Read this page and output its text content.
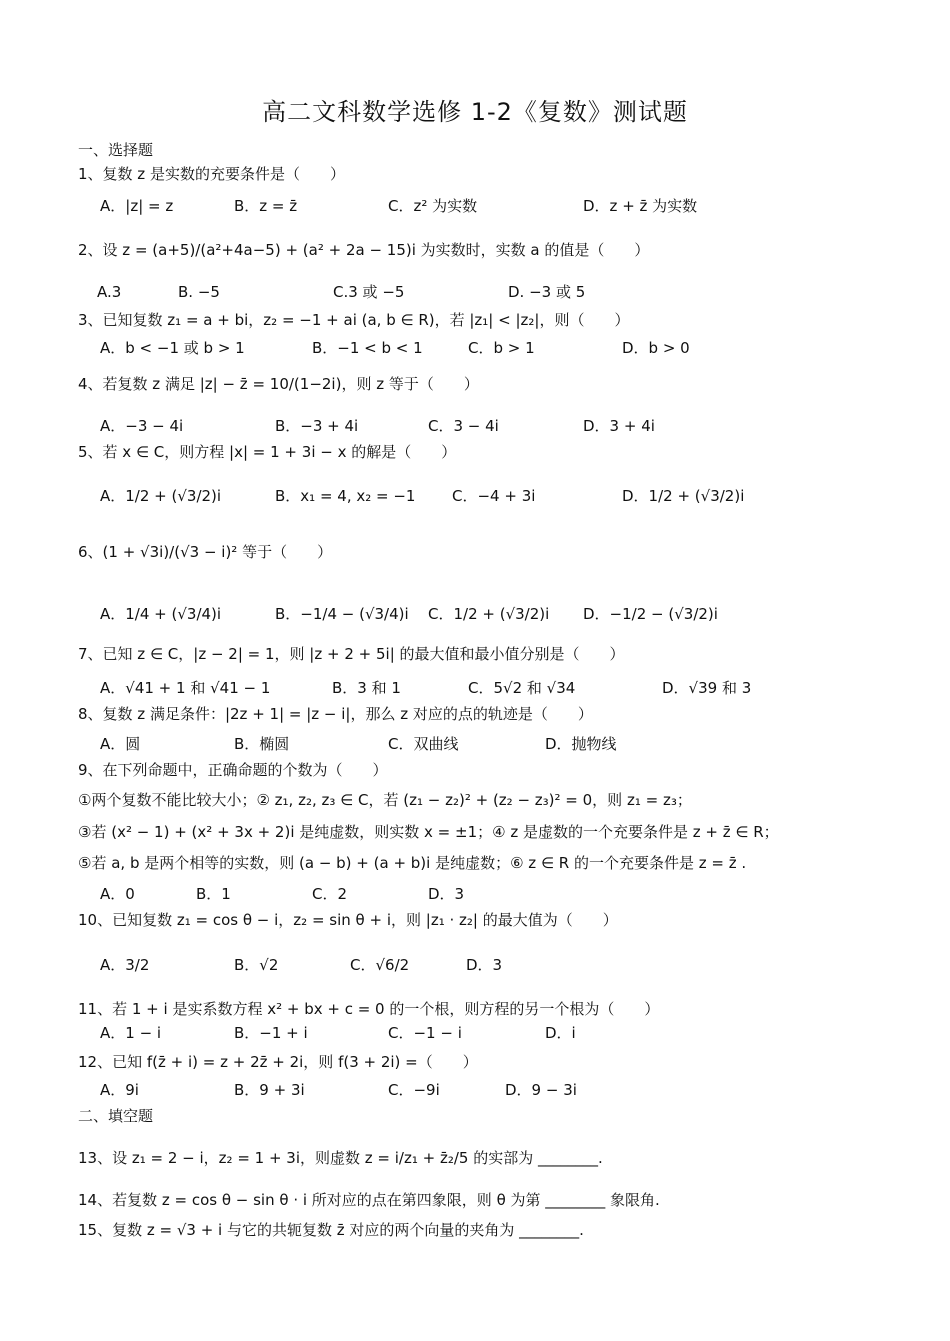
高二文科数学选修 1-2《复数》测试题
一、选择题
1、复数 z 是实数的充要条件是（　　）
A．|z| = z	B．z = z̄	C．z² 为实数	D．z + z̄ 为实数
2、设 z = (a+5)/(a²+4a−5) + (a² + 2a − 15)i 为实数时，实数 a 的值是（　　）
A.3	B. −5	C.3 或 −5	D. −3 或 5
3、已知复数 z₁ = a + bi，z₂ = −1 + ai (a, b ∈ R)，若 |z₁| < |z₂|，则（　　）
A．b < −1 或 b > 1	B．−1 < b < 1	C．b > 1	D．b > 0
4、若复数 z 满足 |z| − z̄ = 10/(1−2i)，则 z 等于（　　）
A．−3 − 4i	B．−3 + 4i	C．3 − 4i	D．3 + 4i
5、若 x ∈ C，则方程 |x| = 1 + 3i − x 的解是（　　）
A．1/2 + (√3/2)i	B．x₁ = 4, x₂ = −1 C．−4 + 3i	D．1/2 + (√3/2)i
6、(1 + √3i)/(√3 − i)² 等于（　　）
A．1/4 + (√3/4)i	B．−1/4 − (√3/4)i C．1/2 + (√3/2)i D．−1/2 − (√3/2)i
7、已知 z ∈ C，|z − 2| = 1，则 |z + 2 + 5i| 的最大值和最小值分别是（　　）
A．√41 + 1 和 √41 − 1	B．3 和 1	C．5√2 和 √34	D．√39 和 3
8、复数 z 满足条件：|2z + 1| = |z − i|，那么 z 对应的点的轨迹是（　　）
A．圆	B．椭圆	C．双曲线	D．抛物线
9、在下列命题中，正确命题的个数为（　　）
①两个复数不能比较大小；② z₁, z₂, z₃ ∈ C，若 (z₁ − z₂)² + (z₂ − z₃)² = 0，则 z₁ = z₃；
③若 (x² − 1) + (x² + 3x + 2)i 是纯虚数，则实数 x = ±1；④ z 是虚数的一个充要条件是 z + z̄ ∈ R；
⑤若 a, b 是两个相等的实数，则 (a − b) + (a + b)i 是纯虚数；⑥ z ∈ R 的一个充要条件是 z = z̄ .
A．0	B．1	C．2	D．3
10、已知复数 z₁ = cos θ − i，z₂ = sin θ + i，则 |z₁ · z₂| 的最大值为（　　）
A．3/2	B．√2	C．√6/2	D．3
11、若 1 + i 是实系数方程 x² + bx + c = 0 的一个根，则方程的另一个根为（　　）
A．1 − i	B．−1 + i	C．−1 − i	D．i
12、已知 f(z̄ + i) = z + 2z̄ + 2i，则 f(3 + 2i) =（　　）
A．9i	B．9 + 3i	C．−9i	D．9 − 3i
二、填空题
13、设 z₁ = 2 − i，z₂ = 1 + 3i，则虚数 z = i/z₁ + z̄₂/5 的实部为 ________.
14、若复数 z = cos θ − sin θ · i 所对应的点在第四象限，则 θ 为第 ________ 象限角.
15、复数 z = √3 + i 与它的共轭复数 z̄ 对应的两个向量的夹角为 ________.
